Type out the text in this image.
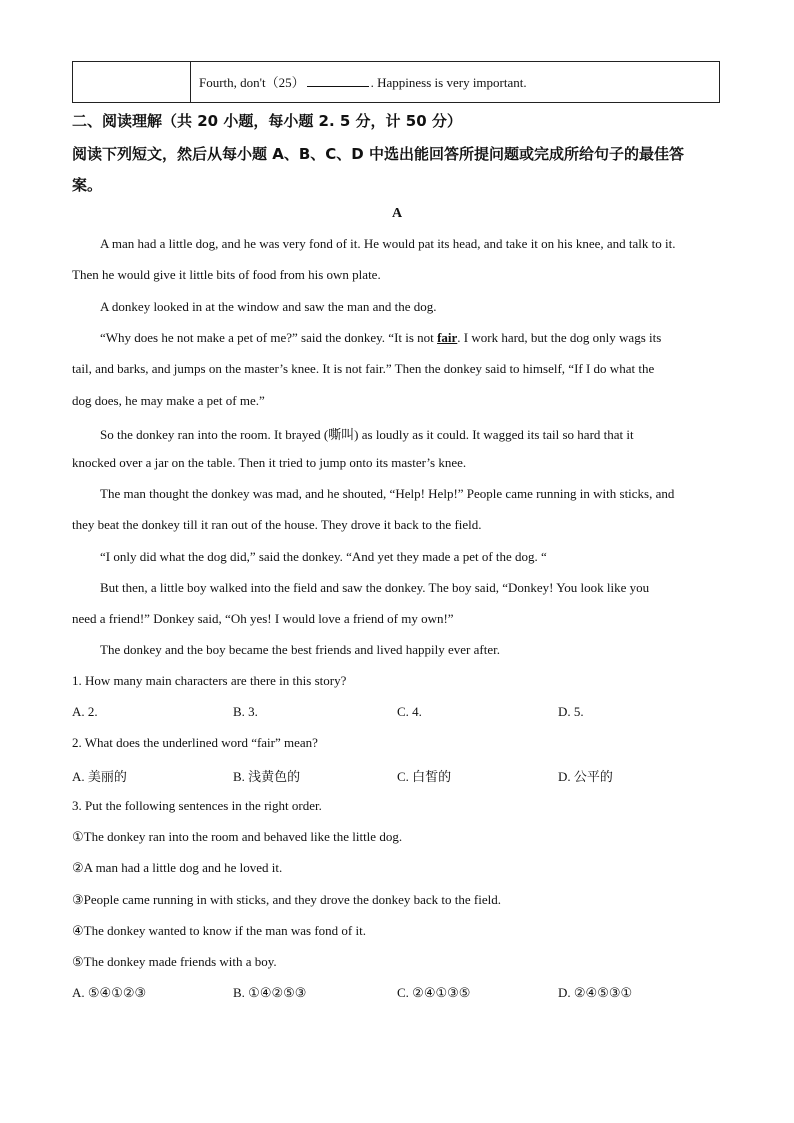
Fourth, don't（25）	. Happiness is very important.
二、阅读理解（共 20 小题，每小题 2. 5 分，计 50 分）
阅读下列短文，然后从每小题 A、B、C、D 中选出能回答所提问题或完成所给句子的最佳答
案。
A
A man had a little dog, and he was very fond of it. He would pat its head, and take it on his knee, and talk to it.
Then he would give it little bits of food from his own plate.
A donkey looked in at the window and saw the man and the dog.
“Why does he not make a pet of me?” said the donkey. “It is not fair. I work hard, but the dog only wags its
tail, and barks, and jumps on the master’s knee. It is not fair.” Then the donkey said to himself, “If I do what the
dog does, he may make a pet of me.”
So the donkey ran into the room. It brayed (嘶叫) as loudly as it could. It wagged its tail so hard that it
knocked over a jar on the table. Then it tried to jump onto its master’s knee.
The man thought the donkey was mad, and he shouted, “Help! Help!” People came running in with sticks, and
they beat the donkey till it ran out of the house. They drove it back to the field.
“I only did what the dog did,” said the donkey. “And yet they made a pet of the dog. “
But then, a little boy walked into the field and saw the donkey. The boy said, “Donkey! You look like you
need a friend!” Donkey said, “Oh yes! I would love a friend of my own!”
The donkey and the boy became the best friends and lived happily ever after.
1. How many main characters are there in this story?
A. 2.	B. 3.	C. 4.	D. 5.
2. What does the underlined word “fair” mean?
A. 美丽的	B. 浅黄色的	C. 白皙的	D. 公平的
3. Put the following sentences in the right order.
①The donkey ran into the room and behaved like the little dog.
②A man had a little dog and he loved it.
③People came running in with sticks, and they drove the donkey back to the field.
④The donkey wanted to know if the man was fond of it.
⑤The donkey made friends with a boy.
A. ⑤④①②③	B. ①④②⑤③	C. ②④①③⑤	D. ②④⑤③①
